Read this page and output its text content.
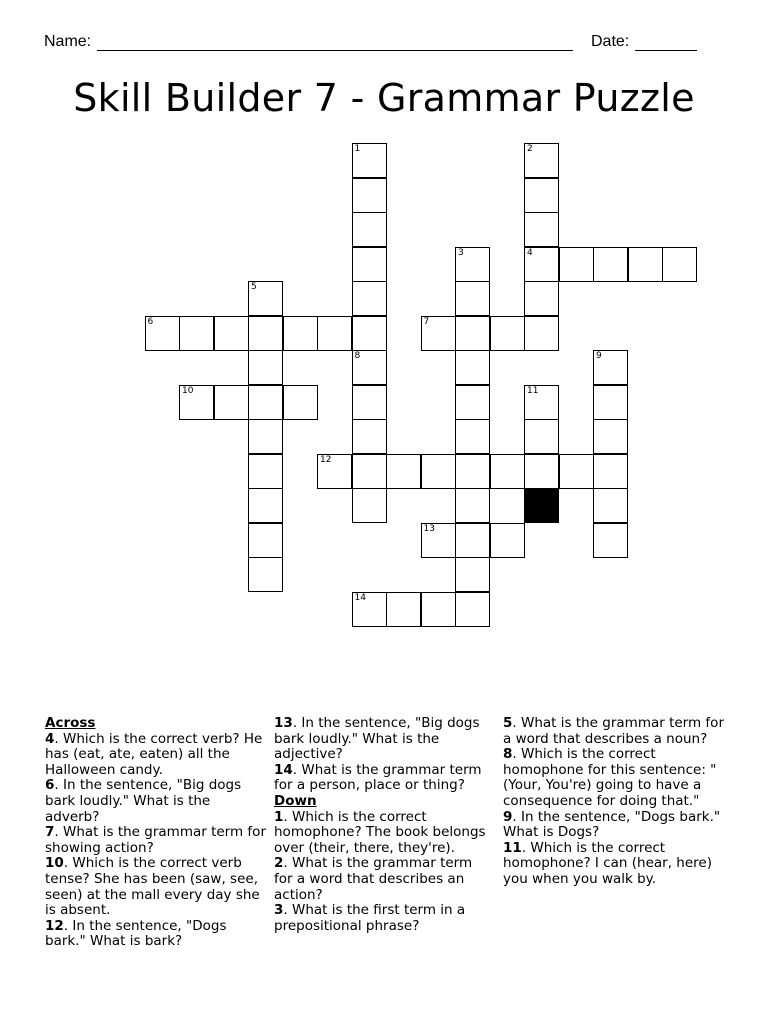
Name:	Date:
Skill Builder 7 - Grammar Puzzle
1	2
4
3
5
6	7
8	9
10	11
12
13
14
Across

4. Which is the correct verb? He has (eat, ate, eaten) all the Halloween candy.

6. In the sentence, "Big dogs bark loudly." What is the adverb?

7. What is the grammar term for showing action?

10. Which is the correct verb tense? She has been (saw, see, seen) at the mall every day she is absent.

12. In the sentence, "Dogs bark." What is bark?

13. In the sentence, "Big dogs bark loudly." What is the adjective?

14. What is the grammar term for a person, place or thing?

Down

1. Which is the correct homophone? The book belongs over (their, there, they're).

2. What is the grammar term for a word that describes an action?

3. What is the first term in a prepositional phrase?

5. What is the grammar term for a word that describes a noun?

8. Which is the correct homophone for this sentence: "(Your, You're) going to have a consequence for doing that."

9. In the sentence, "Dogs bark." What is Dogs?

11. Which is the correct homophone? I can (hear, here) you when you walk by.
